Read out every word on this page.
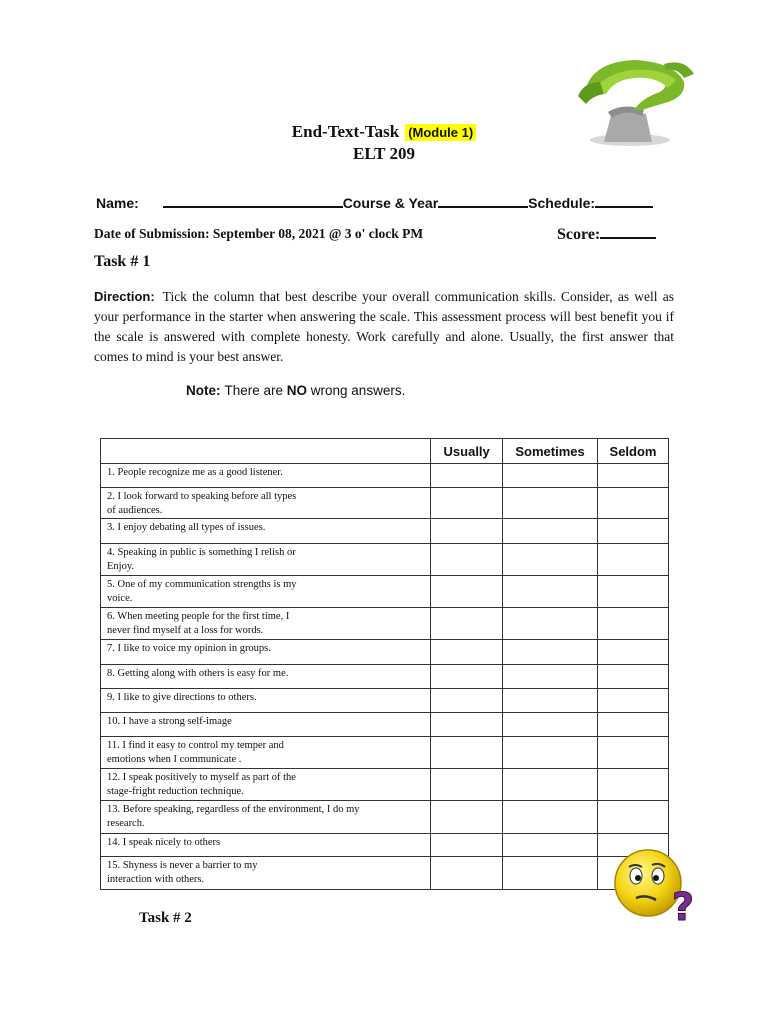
End-Text-Task (Module 1)
ELT 209
Name:	Course & Year	Schedule:
Date of Submission: September 08, 2021 @ 3 o' clock PM	Score:
Task # 1
Direction: Tick the column that best describe your overall communication skills. Consider, as well as your performance in the starter when answering the scale. This assessment process will best benefit you if the scale is answered with complete honesty. Work carefully and alone. Usually, the first answer that comes to mind is your best answer.
Note: There are NO wrong answers.
	Usually	Sometimes	Seldom
1. People recognize me as a good listener.			
2. I look forward to speaking before all types
of audiences.			
3. I enjoy debating all types of issues.			
4. Speaking in public is something I relish or
Enjoy.			
5. One of my communication strengths is my
voice.			
6. When meeting people for the first time, I
never find myself at a loss for words.			
7. I like to voice my opinion in groups.			
8. Getting along with others is easy for me.			
9. I like to give directions to others.			
10. I have a strong self-image			
11. I find it easy to control my temper and
emotions when I communicate .			
12. I speak positively to myself as part of the
stage-fright reduction technique.			
13. Before speaking, regardless of the environment, I do my
research.			
14. I speak nicely to others			
15. Shyness is never a barrier to my
interaction with others.			
?
Task # 2
